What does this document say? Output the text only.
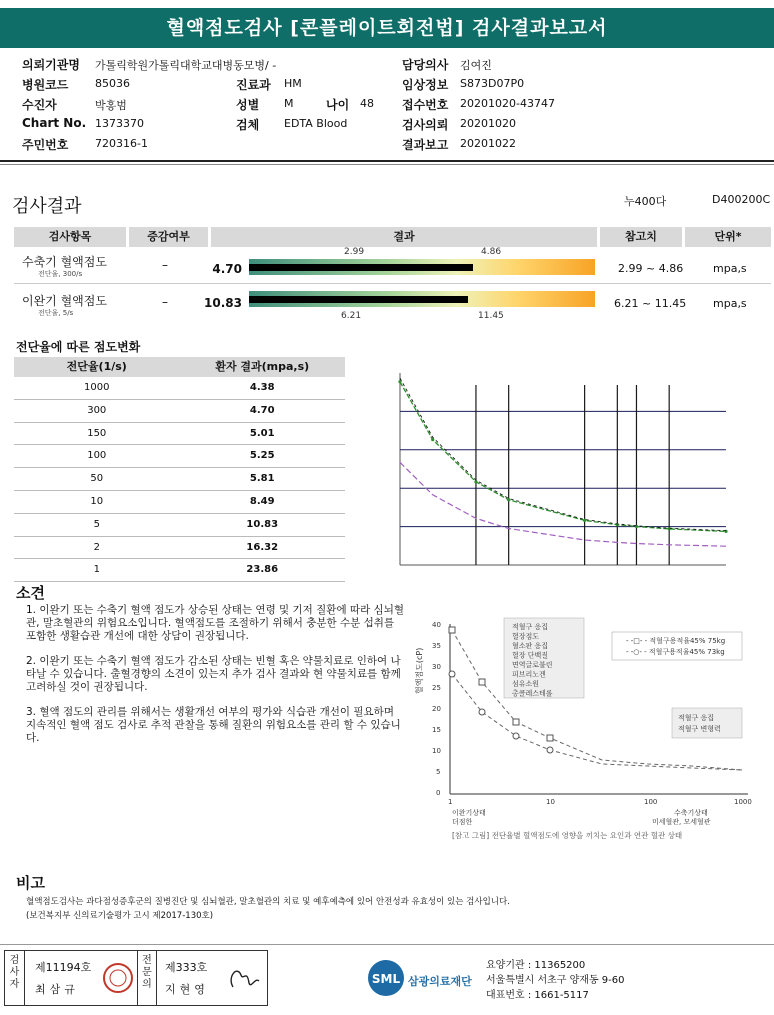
혈액점도검사 [콘플레이트회전법] 검사결과보고서
의뢰기관명 가톨릭학원가톨릭대학교대병동모병/ -	담당의사 김여진
병원코드 85036	진료과 HM	임상정보 S873D07P0
수진자	박홍범	성별 M	나이 48 접수번호 20201020-43747
Chart No. 1373370	검체 EDTA Blood	검사의뢰 20201020
주민번호 720316-1	결과보고 20201022
검사결과	누400다	D400200C
검사항목	증감여부	결과	참고치	단위*
수축기 혈액점도
전단율, 300/s
–	4.70
2.99	4.86
2.99 ~ 4.86	mpa,s
이완기 혈액점도
전단율, 5/s
–	10.83
6.21	11.45
6.21 ~ 11.45 mpa,s
전단율에 따른 점도변화
전단율(1/s)	환자 결과(mpa,s)
1000	4.38
300	4.70
150	5.01
100	5.25
50	5.81
10	8.49
5	10.83
2	16.32
1	23.86
소견

1. 이완기 또는 수축기 혈액 점도가 상승된 상태는 연령 및 기저 질환에 따라 심뇌혈관, 말초혈관의 위험요소입니다. 혈액점도를 조절하기 위해서 충분한 수분 섭취를 포함한 생활습관 개선에 대한 상담이 권장됩니다.

2. 이완기 또는 수축기 혈액 점도가 감소된 상태는 빈혈 혹은 약물치료로 인하여 나타날 수 있습니다. 출혈경향의 소견이 있는지 추가 검사 결과와 현 약물치료를 함께 고려하실 것이 권장됩니다.

3. 혈액 점도의 관리를 위해서는 생활개선 여부의 평가와 식습관 개선이 필요하며 지속적인 혈액 점도 검사로 추적 관찰을 통해 질환의 위험요소를 관리 할 수 있습니다.

혈액점도(cP)
40
35
30
25
20
15
10
5
0
1	10	100	1000
적혈구 응집
혈장점도
혈소판 응집
혈장 단백질
면역글로불린
피브리노겐
섬유소원
총콜레스테롤
- -□- - 적혈구용적율45% 75kg
- -○- - 적혈구용적율45% 73kg
적혈구 응집
적혈구 변형력
이완기상태
더점한
수축기상태
미세혈관, 모세혈관
[참고 그림] 전단율별 혈액점도에 영향을 끼치는 요인과 연관 혈관 상태
비고
혈액점도검사는 과다점성증후군의 질병진단 및 심뇌혈관, 말초혈관의 치료 및 예후예측에 있어 안전성과 유효성이 있는 검사입니다.
(보건복지부 신의료기술평가 고시 제2017-130호)
검사자
제11194호
최삼규
전문의
제333호
지현영
SML 삼광의료재단
요양기관 : 11365200
서울특별시 서초구 양재동 9-60
대표번호 : 1661-5117
